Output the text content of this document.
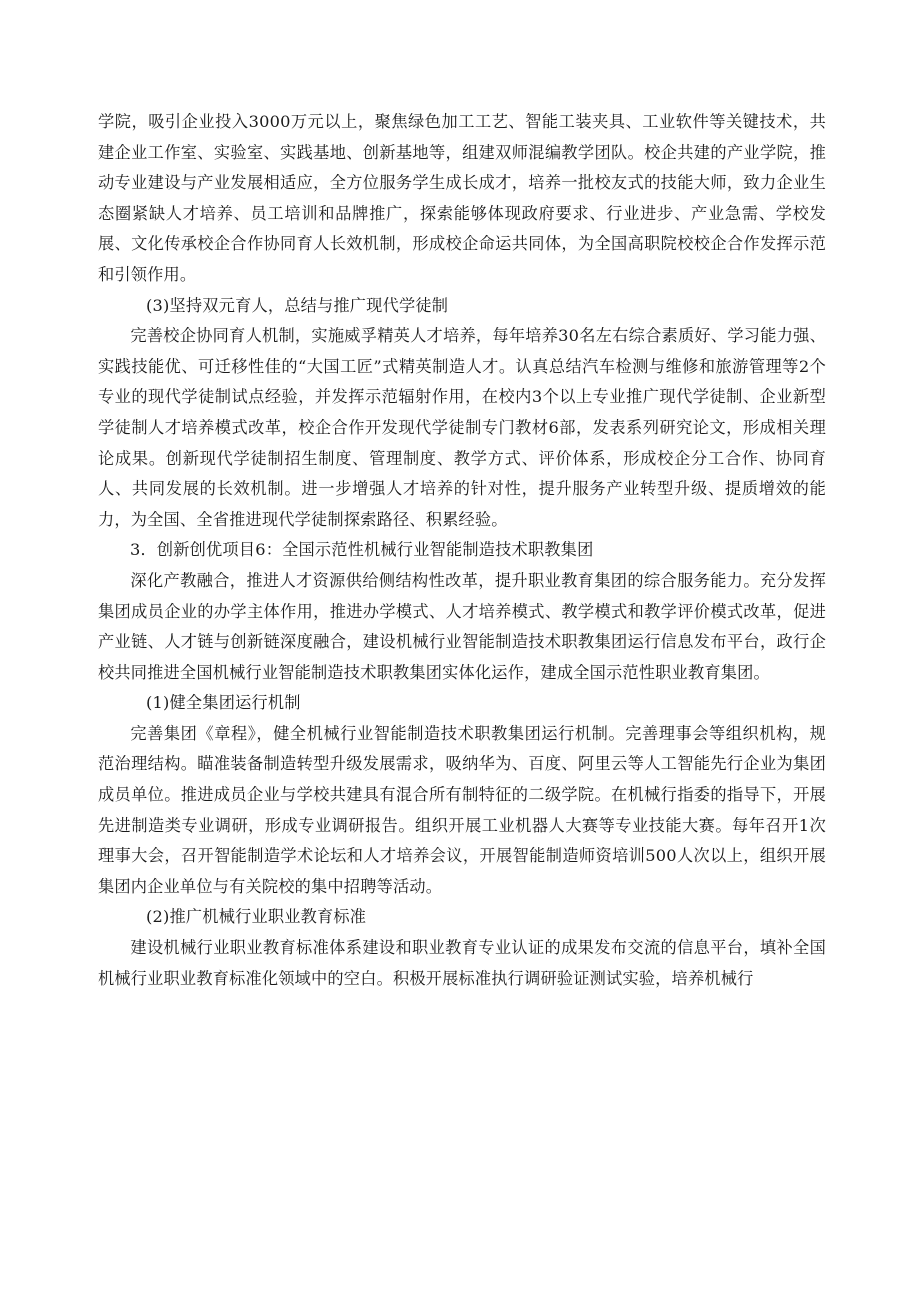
学院，吸引企业投入3000万元以上，聚焦绿色加工工艺、智能工装夹具、工业软件等关键技术，共建企业工作室、实验室、实践基地、创新基地等，组建双师混编教学团队。校企共建的产业学院，推动专业建设与产业发展相适应，全方位服务学生成长成才，培养一批校友式的技能大师，致力企业生态圈紧缺人才培养、员工培训和品牌推广，探索能够体现政府要求、行业进步、产业急需、学校发展、文化传承校企合作协同育人长效机制，形成校企命运共同体，为全国高职院校校企合作发挥示范和引领作用。

(3)坚持双元育人，总结与推广现代学徒制

完善校企协同育人机制，实施威孚精英人才培养，每年培养30名左右综合素质好、学习能力强、实践技能优、可迁移性佳的“大国工匠”式精英制造人才。认真总结汽车检测与维修和旅游管理等2个专业的现代学徒制试点经验，并发挥示范辐射作用，在校内3个以上专业推广现代学徒制、企业新型学徒制人才培养模式改革，校企合作开发现代学徒制专门教材6部，发表系列研究论文，形成相关理论成果。创新现代学徒制招生制度、管理制度、教学方式、评价体系，形成校企分工合作、协同育人、共同发展的长效机制。进一步增强人才培养的针对性，提升服务产业转型升级、提质增效的能力，为全国、全省推进现代学徒制探索路径、积累经验。

3．创新创优项目6：全国示范性机械行业智能制造技术职教集团

深化产教融合，推进人才资源供给侧结构性改革，提升职业教育集团的综合服务能力。充分发挥集团成员企业的办学主体作用，推进办学模式、人才培养模式、教学模式和教学评价模式改革，促进产业链、人才链与创新链深度融合，建设机械行业智能制造技术职教集团运行信息发布平台，政行企校共同推进全国机械行业智能制造技术职教集团实体化运作，建成全国示范性职业教育集团。

(1)健全集团运行机制

完善集团《章程》，健全机械行业智能制造技术职教集团运行机制。完善理事会等组织机构，规范治理结构。瞄准装备制造转型升级发展需求，吸纳华为、百度、阿里云等人工智能先行企业为集团成员单位。推进成员企业与学校共建具有混合所有制特征的二级学院。在机械行指委的指导下，开展先进制造类专业调研，形成专业调研报告。组织开展工业机器人大赛等专业技能大赛。每年召开1次理事大会，召开智能制造学术论坛和人才培养会议，开展智能制造师资培训500人次以上，组织开展集团内企业单位与有关院校的集中招聘等活动。

(2)推广机械行业职业教育标准

建设机械行业职业教育标准体系建设和职业教育专业认证的成果发布交流的信息平台，填补全国机械行业职业教育标准化领域中的空白。积极开展标准执行调研验证测试实验，培养机械行
